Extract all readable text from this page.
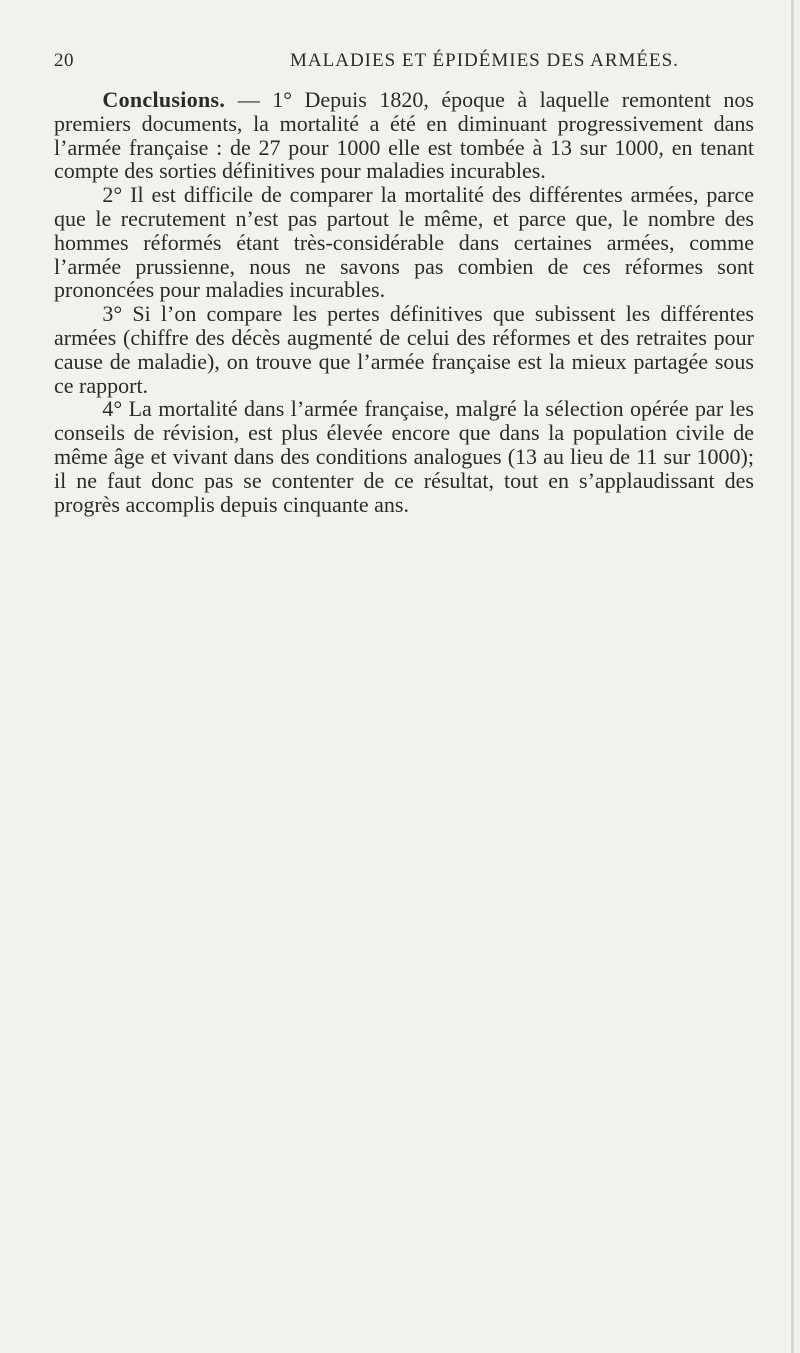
20	MALADIES ET ÉPIDÉMIES DES ARMÉES.

Conclusions. — 1° Depuis 1820, époque à laquelle remontent nos premiers documents, la mortalité a été en diminuant progressivement dans l’armée française : de 27 pour 1000 elle est tombée à 13 sur 1000, en tenant compte des sorties définitives pour maladies incurables.

2° Il est difficile de comparer la mortalité des différentes armées, parce que le recrutement n’est pas partout le même, et parce que, le nombre des hommes réformés étant très-considérable dans certaines armées, comme l’armée prussienne, nous ne savons pas combien de ces réformes sont prononcées pour maladies incurables.

3° Si l’on compare les pertes définitives que subissent les différentes armées (chiffre des décès augmenté de celui des réformes et des retraites pour cause de maladie), on trouve que l’armée française est la mieux partagée sous ce rapport.

4° La mortalité dans l’armée française, malgré la sélection opérée par les conseils de révision, est plus élevée encore que dans la population civile de même âge et vivant dans des conditions analogues (13 au lieu de 11 sur 1000); il ne faut donc pas se contenter de ce résultat, tout en s’applaudissant des progrès accomplis depuis cinquante ans.
